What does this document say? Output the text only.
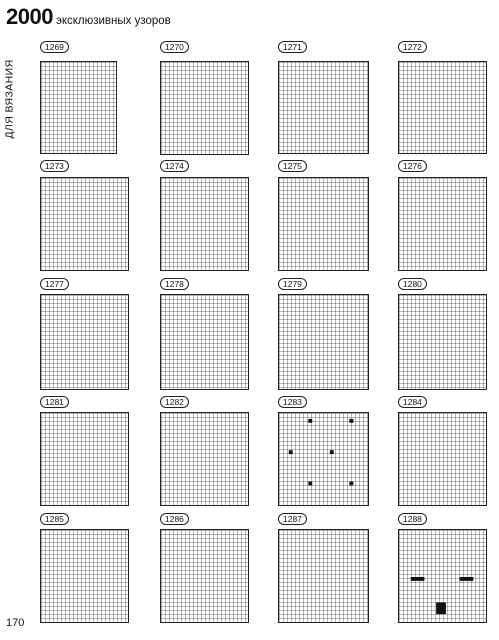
2000 эксклюзивных узоров
ДЛЯ ВЯЗАНИЯ
1269	1270	1271	1272
1273	1274	1275	1276
1277	1278	1279	1280
1281	1282	1283	1284
1285	1286	1287	1288
170
